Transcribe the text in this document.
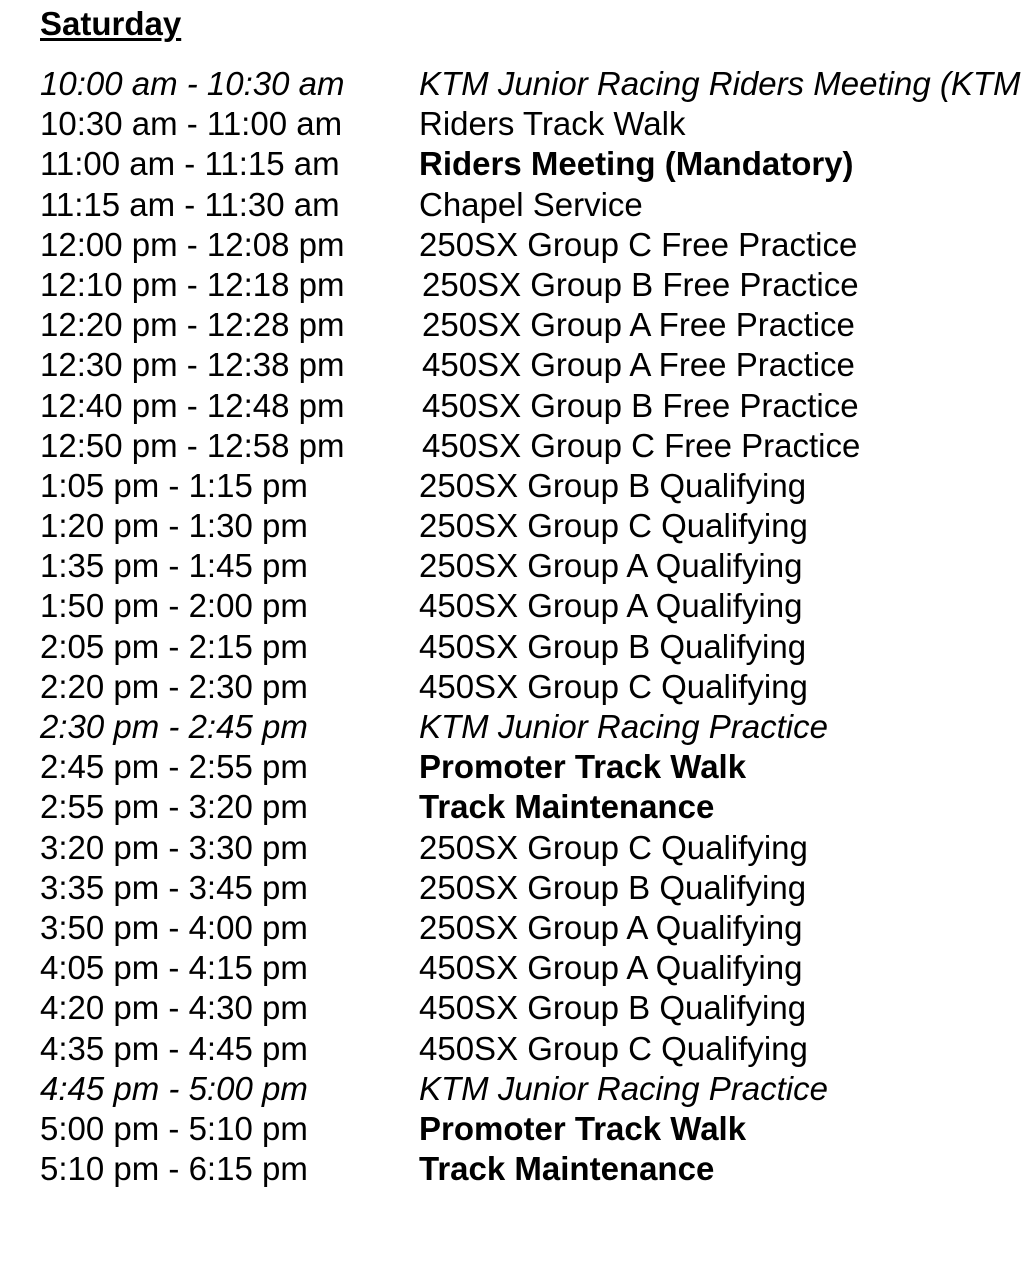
Saturday
10:00 am - 10:30 am KTM Junior Racing Riders Meeting (KTM
10:30 am - 11:00 am Riders Track Walk
11:00 am - 11:15 am Riders Meeting (Mandatory)
11:15 am - 11:30 am Chapel Service
12:00 pm - 12:08 pm 250SX Group C Free Practice
12:10 pm - 12:18 pm 250SX Group B Free Practice
12:20 pm - 12:28 pm 250SX Group A Free Practice
12:30 pm - 12:38 pm 450SX Group A Free Practice
12:40 pm - 12:48 pm 450SX Group B Free Practice
12:50 pm - 12:58 pm 450SX Group C Free Practice
1:05 pm - 1:15 pm	250SX Group B Qualifying
1:20 pm - 1:30 pm	250SX Group C Qualifying
1:35 pm - 1:45 pm	250SX Group A Qualifying
1:50 pm - 2:00 pm	450SX Group A Qualifying
2:05 pm - 2:15 pm	450SX Group B Qualifying
2:20 pm - 2:30 pm	450SX Group C Qualifying
2:30 pm - 2:45 pm	KTM Junior Racing Practice
2:45 pm - 2:55 pm	Promoter Track Walk
2:55 pm - 3:20 pm	Track Maintenance
3:20 pm - 3:30 pm	250SX Group C Qualifying
3:35 pm - 3:45 pm	250SX Group B Qualifying
3:50 pm - 4:00 pm	250SX Group A Qualifying
4:05 pm - 4:15 pm	450SX Group A Qualifying
4:20 pm - 4:30 pm	450SX Group B Qualifying
4:35 pm - 4:45 pm	450SX Group C Qualifying
4:45 pm - 5:00 pm	KTM Junior Racing Practice
5:00 pm - 5:10 pm	Promoter Track Walk
5:10 pm - 6:15 pm	Track Maintenance
